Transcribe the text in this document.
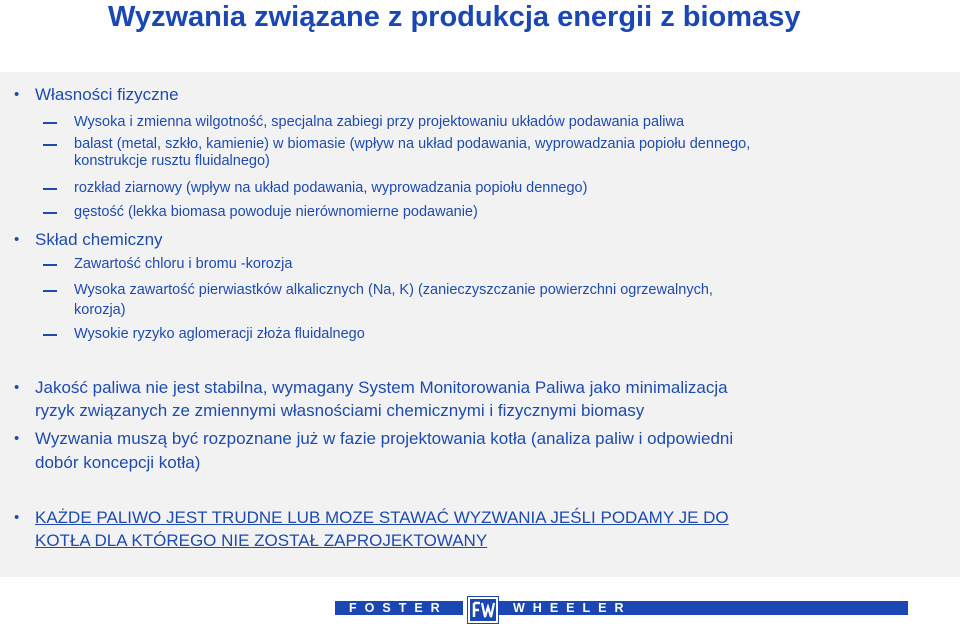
Wyzwania związane z produkcja energii z biomasy
• Własności fizyczne
Wysoka i zmienna wilgotność, specjalna zabiegi przy projektowaniu układów podawania paliwa
balast (metal, szkło, kamienie) w biomasie (wpływ na układ podawania, wyprowadzania popiołu dennego,
konstrukcje rusztu fluidalnego)
rozkład ziarnowy (wpływ na układ podawania, wyprowadzania popiołu dennego)
gęstość (lekka biomasa powoduje nierównomierne podawanie)
• Skład chemiczny
Zawartość chloru i bromu -korozja
Wysoka zawartość pierwiastków alkalicznych (Na, K) (zanieczyszczanie powierzchni ogrzewalnych,
korozja)
Wysokie ryzyko aglomeracji złoża fluidalnego
• Jakość paliwa nie jest stabilna, wymagany System Monitorowania Paliwa jako minimalizacja
ryzyk związanych ze zmiennymi własnościami chemicznymi i fizycznymi biomasy
• Wyzwania muszą być rozpoznane już w fazie projektowania kotła (analiza paliw i odpowiedni
dobór koncepcji kotła)
• KAŻDE PALIWO JEST TRUDNE LUB MOZE STAWAĆ WYZWANIA JEŚLI PODAMY JE DO
KOTŁA DLA KTÓREGO NIE ZOSTAŁ ZAPROJEKTOWANY
FOSTER	WHEELER
